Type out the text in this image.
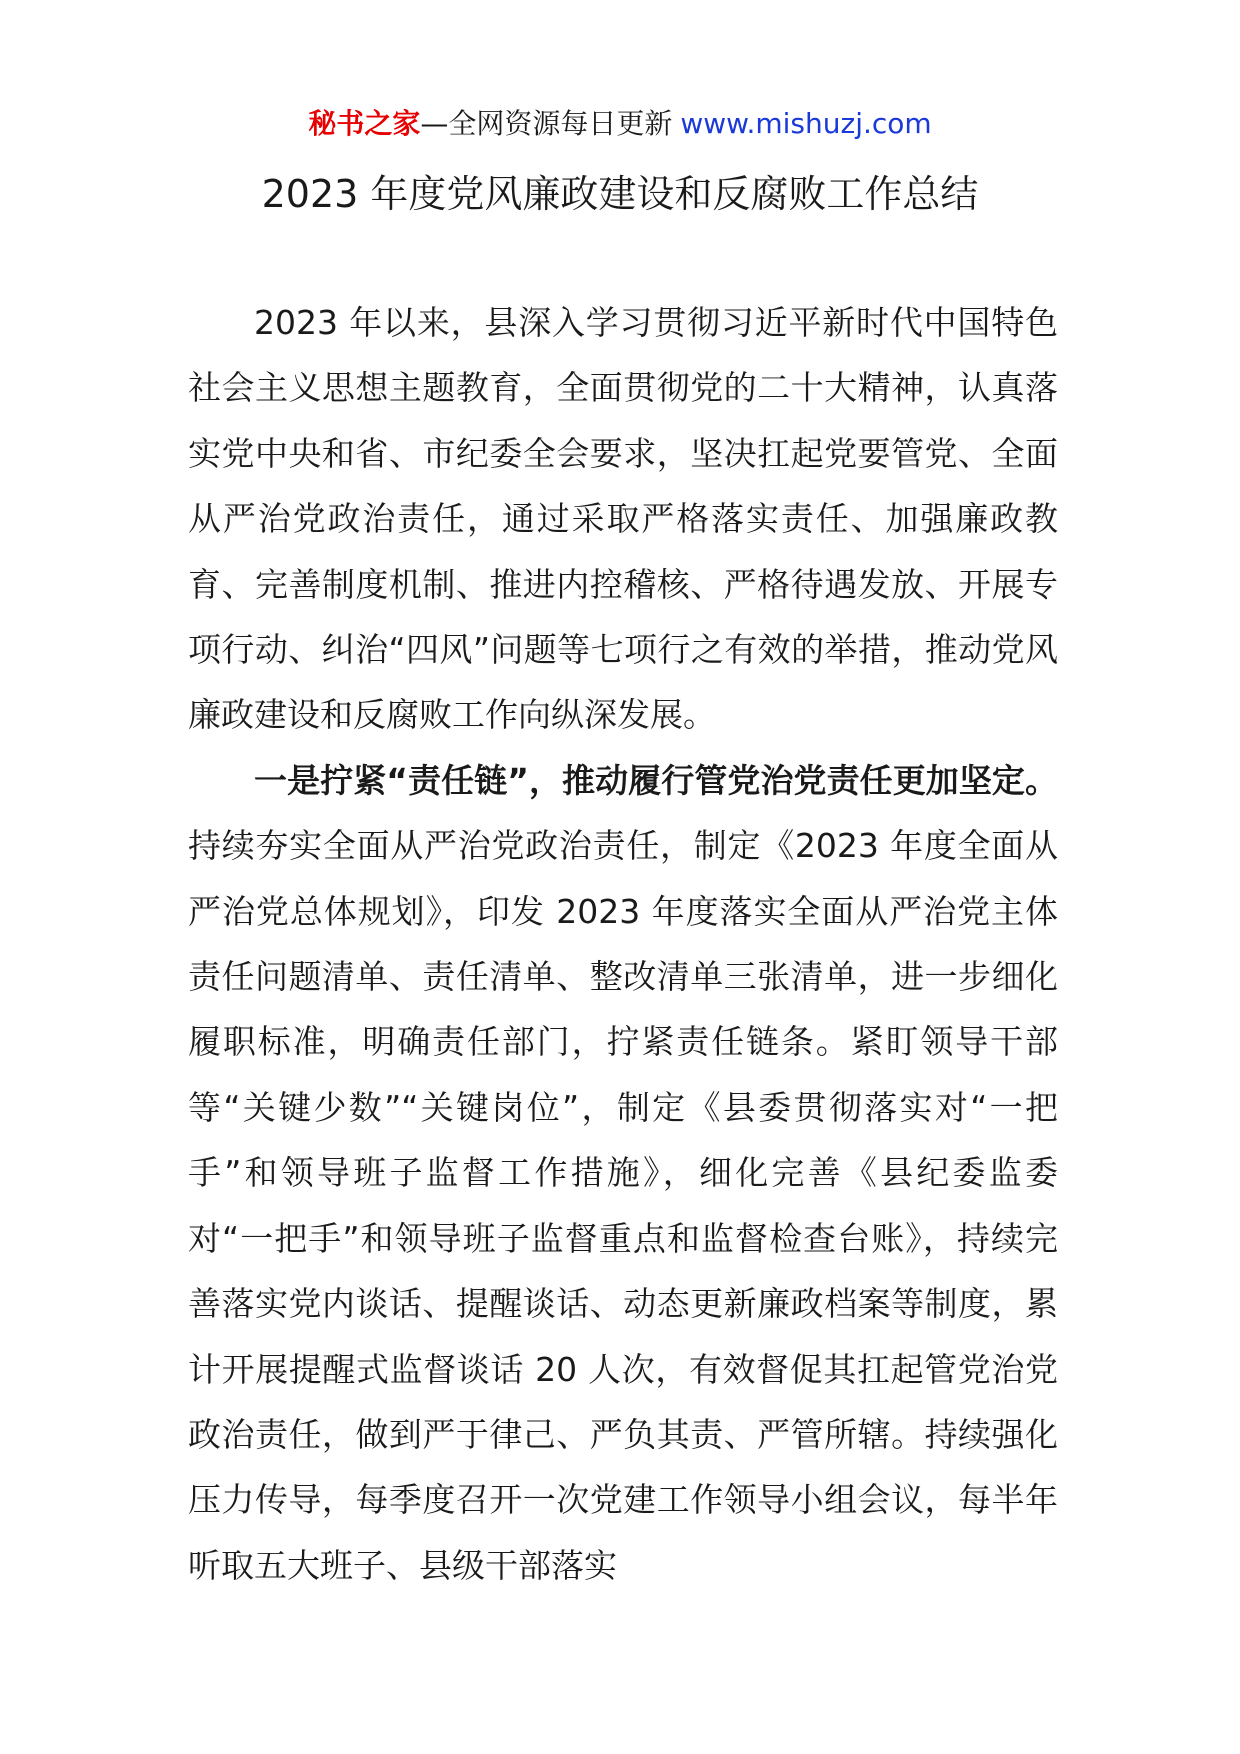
秘书之家—全网资源每日更新 www.mishuzj.com
2023 年度党风廉政建设和反腐败工作总结

2023 年以来，县深入学习贯彻习近平新时代中国特色社会主义思想主题教育，全面贯彻党的二十大精神，认真落实党中央和省、市纪委全会要求，坚决扛起党要管党、全面从严治党政治责任，通过采取严格落实责任、加强廉政教育、完善制度机制、推进内控稽核、严格待遇发放、开展专项行动、纠治“四风”问题等七项行之有效的举措，推动党风廉政建设和反腐败工作向纵深发展。

一是拧紧“责任链”，推动履行管党治党责任更加坚定。持续夯实全面从严治党政治责任，制定《2023 年度全面从严治党总体规划》，印发 2023 年度落实全面从严治党主体责任问题清单、责任清单、整改清单三张清单，进一步细化履职标准，明确责任部门，拧紧责任链条。紧盯领导干部等“关键少数”“关键岗位”，制定《县委贯彻落实对“一把手”和领导班子监督工作措施》，细化完善《县纪委监委对“一把手”和领导班子监督重点和监督检查台账》，持续完善落实党内谈话、提醒谈话、动态更新廉政档案等制度，累计开展提醒式监督谈话 20 人次，有效督促其扛起管党治党政治责任，做到严于律己、严负其责、严管所辖。持续强化压力传导，每季度召开一次党建工作领导小组会议，每半年听取五大班子、县级干部落实
